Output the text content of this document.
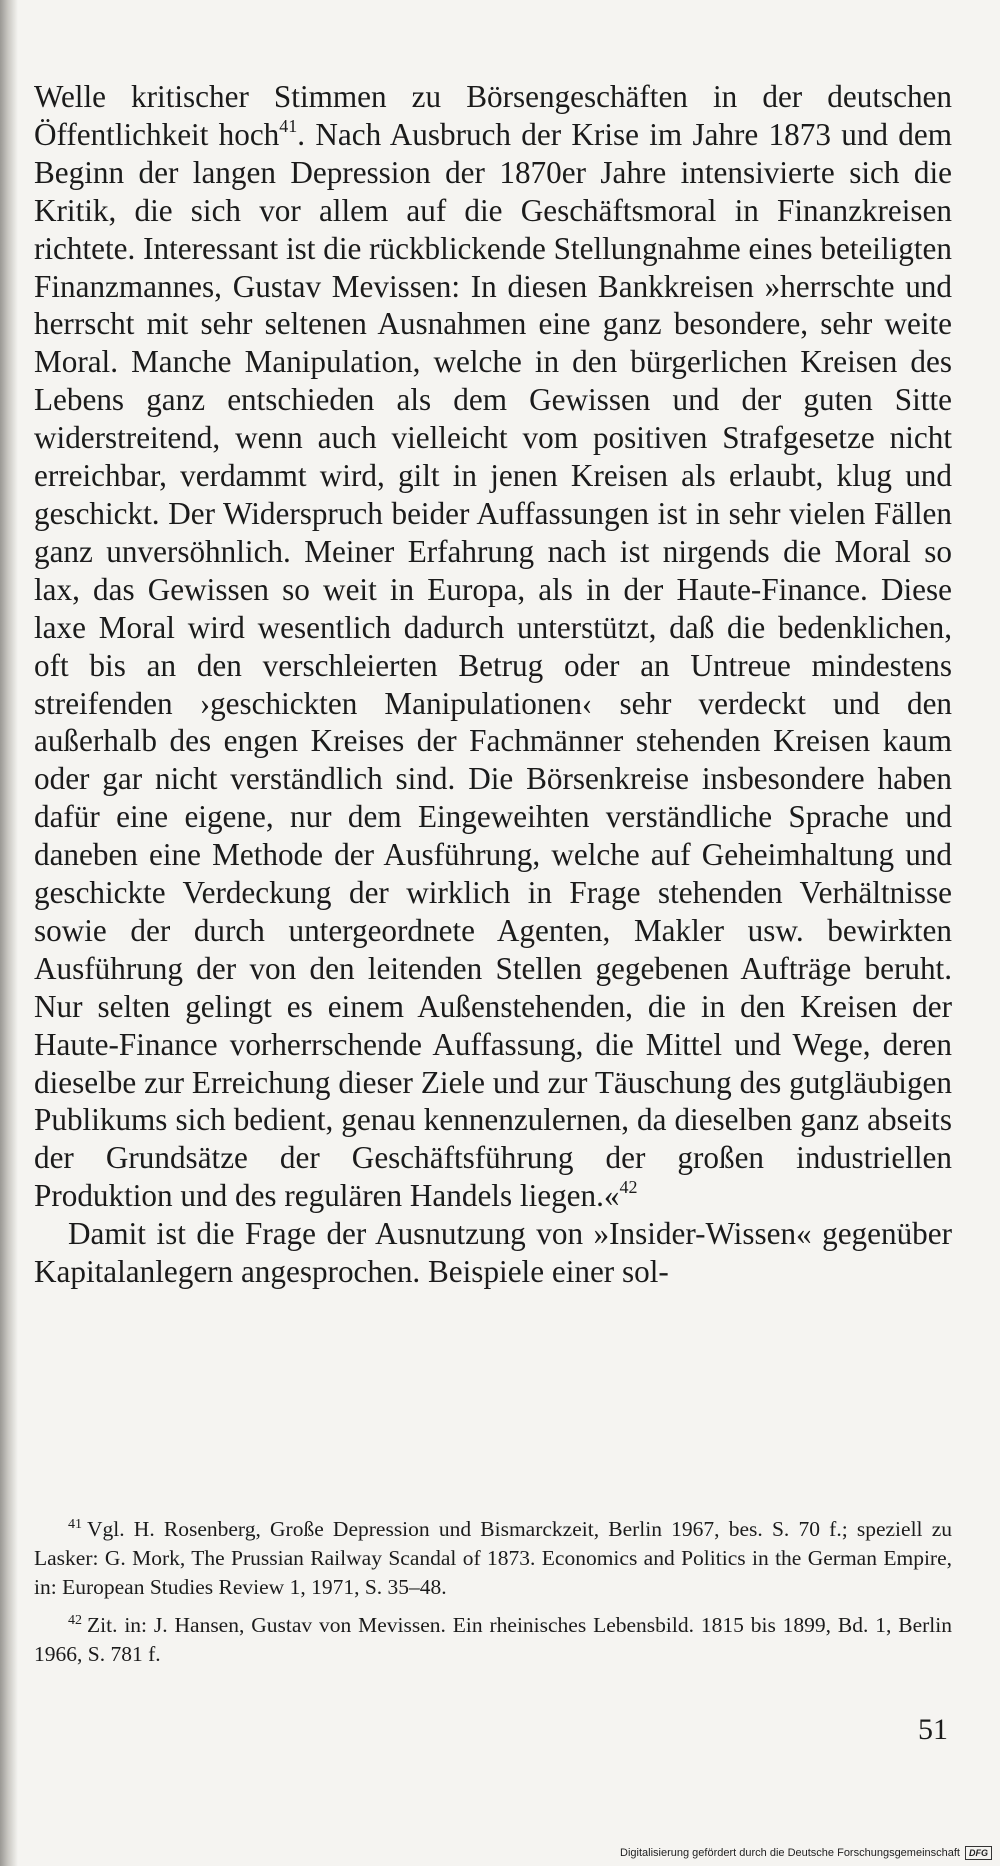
Welle kritischer Stimmen zu Börsengeschäften in der deutschen Öffentlichkeit hoch$^{41}$. Nach Ausbruch der Krise im Jahre 1873 und dem Beginn der langen Depression der 1870er Jahre intensivierte sich die Kritik, die sich vor allem auf die Geschäftsmoral in Finanzkreisen richtete. Interessant ist die rückblickende Stellungnahme eines beteiligten Finanzmannes, Gustav Mevissen: In diesen Bankkreisen »herrschte und herrscht mit sehr seltenen Ausnahmen eine ganz besondere, sehr weite Moral. Manche Manipulation, welche in den bürgerlichen Kreisen des Lebens ganz entschieden als dem Gewissen und der guten Sitte widerstreitend, wenn auch vielleicht vom positiven Strafgesetze nicht erreichbar, verdammt wird, gilt in jenen Kreisen als erlaubt, klug und geschickt. Der Widerspruch beider Auffassungen ist in sehr vielen Fällen ganz unversöhnlich. Meiner Erfahrung nach ist nirgends die Moral so lax, das Gewissen so weit in Europa, als in der Haute-Finance. Diese laxe Moral wird wesentlich dadurch unterstützt, daß die bedenklichen, oft bis an den verschleierten Betrug oder an Untreue mindestens streifenden ›geschickten Manipulationen‹ sehr verdeckt und den außerhalb des engen Kreises der Fachmänner stehenden Kreisen kaum oder gar nicht verständlich sind. Die Börsenkreise insbesondere haben dafür eine eigene, nur dem Eingeweihten verständliche Sprache und daneben eine Methode der Ausführung, welche auf Geheimhaltung und geschickte Verdeckung der wirklich in Frage stehenden Verhältnisse sowie der durch untergeordnete Agenten, Makler usw. bewirkten Ausführung der von den leitenden Stellen gegebenen Aufträge beruht. Nur selten gelingt es einem Außenstehenden, die in den Kreisen der Haute-Finance vorherrschende Auffassung, die Mittel und Wege, deren dieselbe zur Erreichung dieser Ziele und zur Täuschung des gutgläubigen Publikums sich bedient, genau kennenzulernen, da dieselben ganz abseits der Grundsätze der Geschäftsführung der großen industriellen Produktion und des regulären Handels liegen.«$^{42}$

Damit ist die Frage der Ausnutzung von »Insider-Wissen« gegenüber Kapitalanlegern angesprochen. Beispiele einer sol-

$^{41}$ Vgl. H. Rosenberg, Große Depression und Bismarckzeit, Berlin 1967, bes. S. 70 f.; speziell zu Lasker: G. Mork, The Prussian Railway Scandal of 1873. Economics and Politics in the German Empire, in: European Studies Review 1, 1971, S. 35–48.

$^{42}$ Zit. in: J. Hansen, Gustav von Mevissen. Ein rheinisches Lebensbild. 1815 bis 1899, Bd. 1, Berlin 1966, S. 781 f.

51
Digitalisierung gefördert durch die Deutsche Forschungsgemeinschaft	DFG
